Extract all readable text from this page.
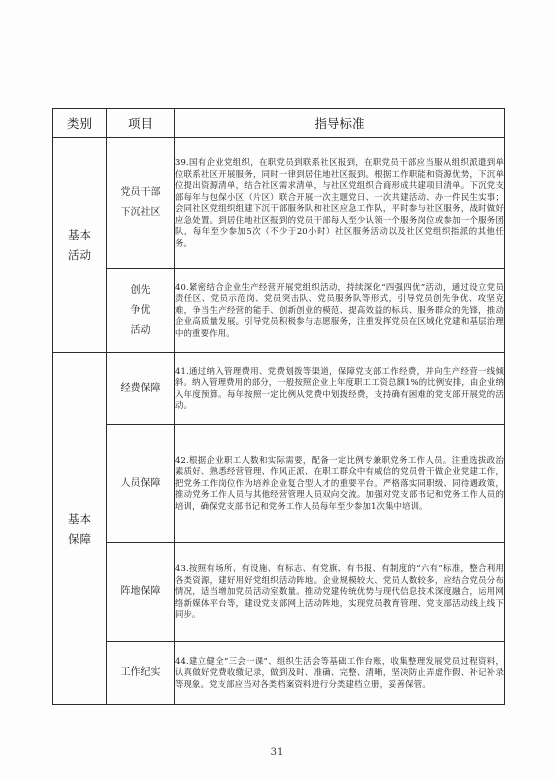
类别	项目	指导标准
基本活动	党员干部下沉社区	39.国有企业党组织，在职党员到联系社区报到，在职党员干部应当服从组织派遣到单位联系社区开展服务，同时一律到居住地社区报到。根据工作职能和资源优势，下沉单位提出资源清单，结合社区需求清单，与社区党组织合商形成共建项目清单。下沉党支部每年与包保小区（片区）联合开展一次主题党日、一次共建活动、办一件民生实事；会同社区党组织组建下沉干部服务队和社区应急工作队，平时参与社区服务，战时做好应急处置。到居住地社区报到的党员干部每人至少认领一个服务岗位或参加一个服务团队，每年至少参加5次（不少于20小时）社区服务活动以及社区党组织指派的其他任务。
	创先争优活动	40.紧密结合企业生产经营开展党组织活动，持续深化“四强四优”活动，通过设立党员责任区、党员示范岗、党员突击队、党员服务队等形式，引导党员创先争优、攻坚克难，争当生产经营的能手、创新创业的模范、提高效益的标兵、服务群众的先锋，推动企业高质量发展。引导党员积极参与志愿服务，注重发挥党员在区域化党建和基层治理中的重要作用。
基本保障	经费保障	41.通过纳入管理费用、党费划拨等渠道，保障党支部工作经费，并向生产经营一线倾斜。纳入管理费用的部分，一般按照企业上年度职工工资总额1%的比例安排，由企业纳入年度预算。每年按照一定比例从党费中划拨经费，支持确有困难的党支部开展党的活动。
	人员保障	42.根据企业职工人数和实际需要，配备一定比例专兼职党务工作人员。注重选拔政治素质好、熟悉经营管理、作风正派、在职工群众中有威信的党员骨干做企业党建工作，把党务工作岗位作为培养企业复合型人才的重要平台。严格落实同职级、同待遇政策，推动党务工作人员与其他经营管理人员双向交流。加强对党支部书记和党务工作人员的培训，确保党支部书记和党务工作人员每年至少参加1次集中培训。
	阵地保障	43.按照有场所、有设施、有标志、有党旗、有书报、有制度的“六有”标准，整合利用各类资源，建好用好党组织活动阵地。企业规模较大、党员人数较多，应结合党员分布情况，适当增加党员活动室数量。推动党建传统优势与现代信息技术深度融合，运用网络新媒体平台等，建设党支部网上活动阵地，实现党员教育管理、党支部活动线上线下同步。
	工作纪实	44.建立健全“三会一课”、组织生活会等基础工作台账，收集整理发展党员过程资料，认真做好党费收缴记录，做到及时、准确、完整、清晰，坚决防止弄虚作假、补记补录等现象。党支部应当对各类档案资料进行分类建档立册，妥善保管。
31
